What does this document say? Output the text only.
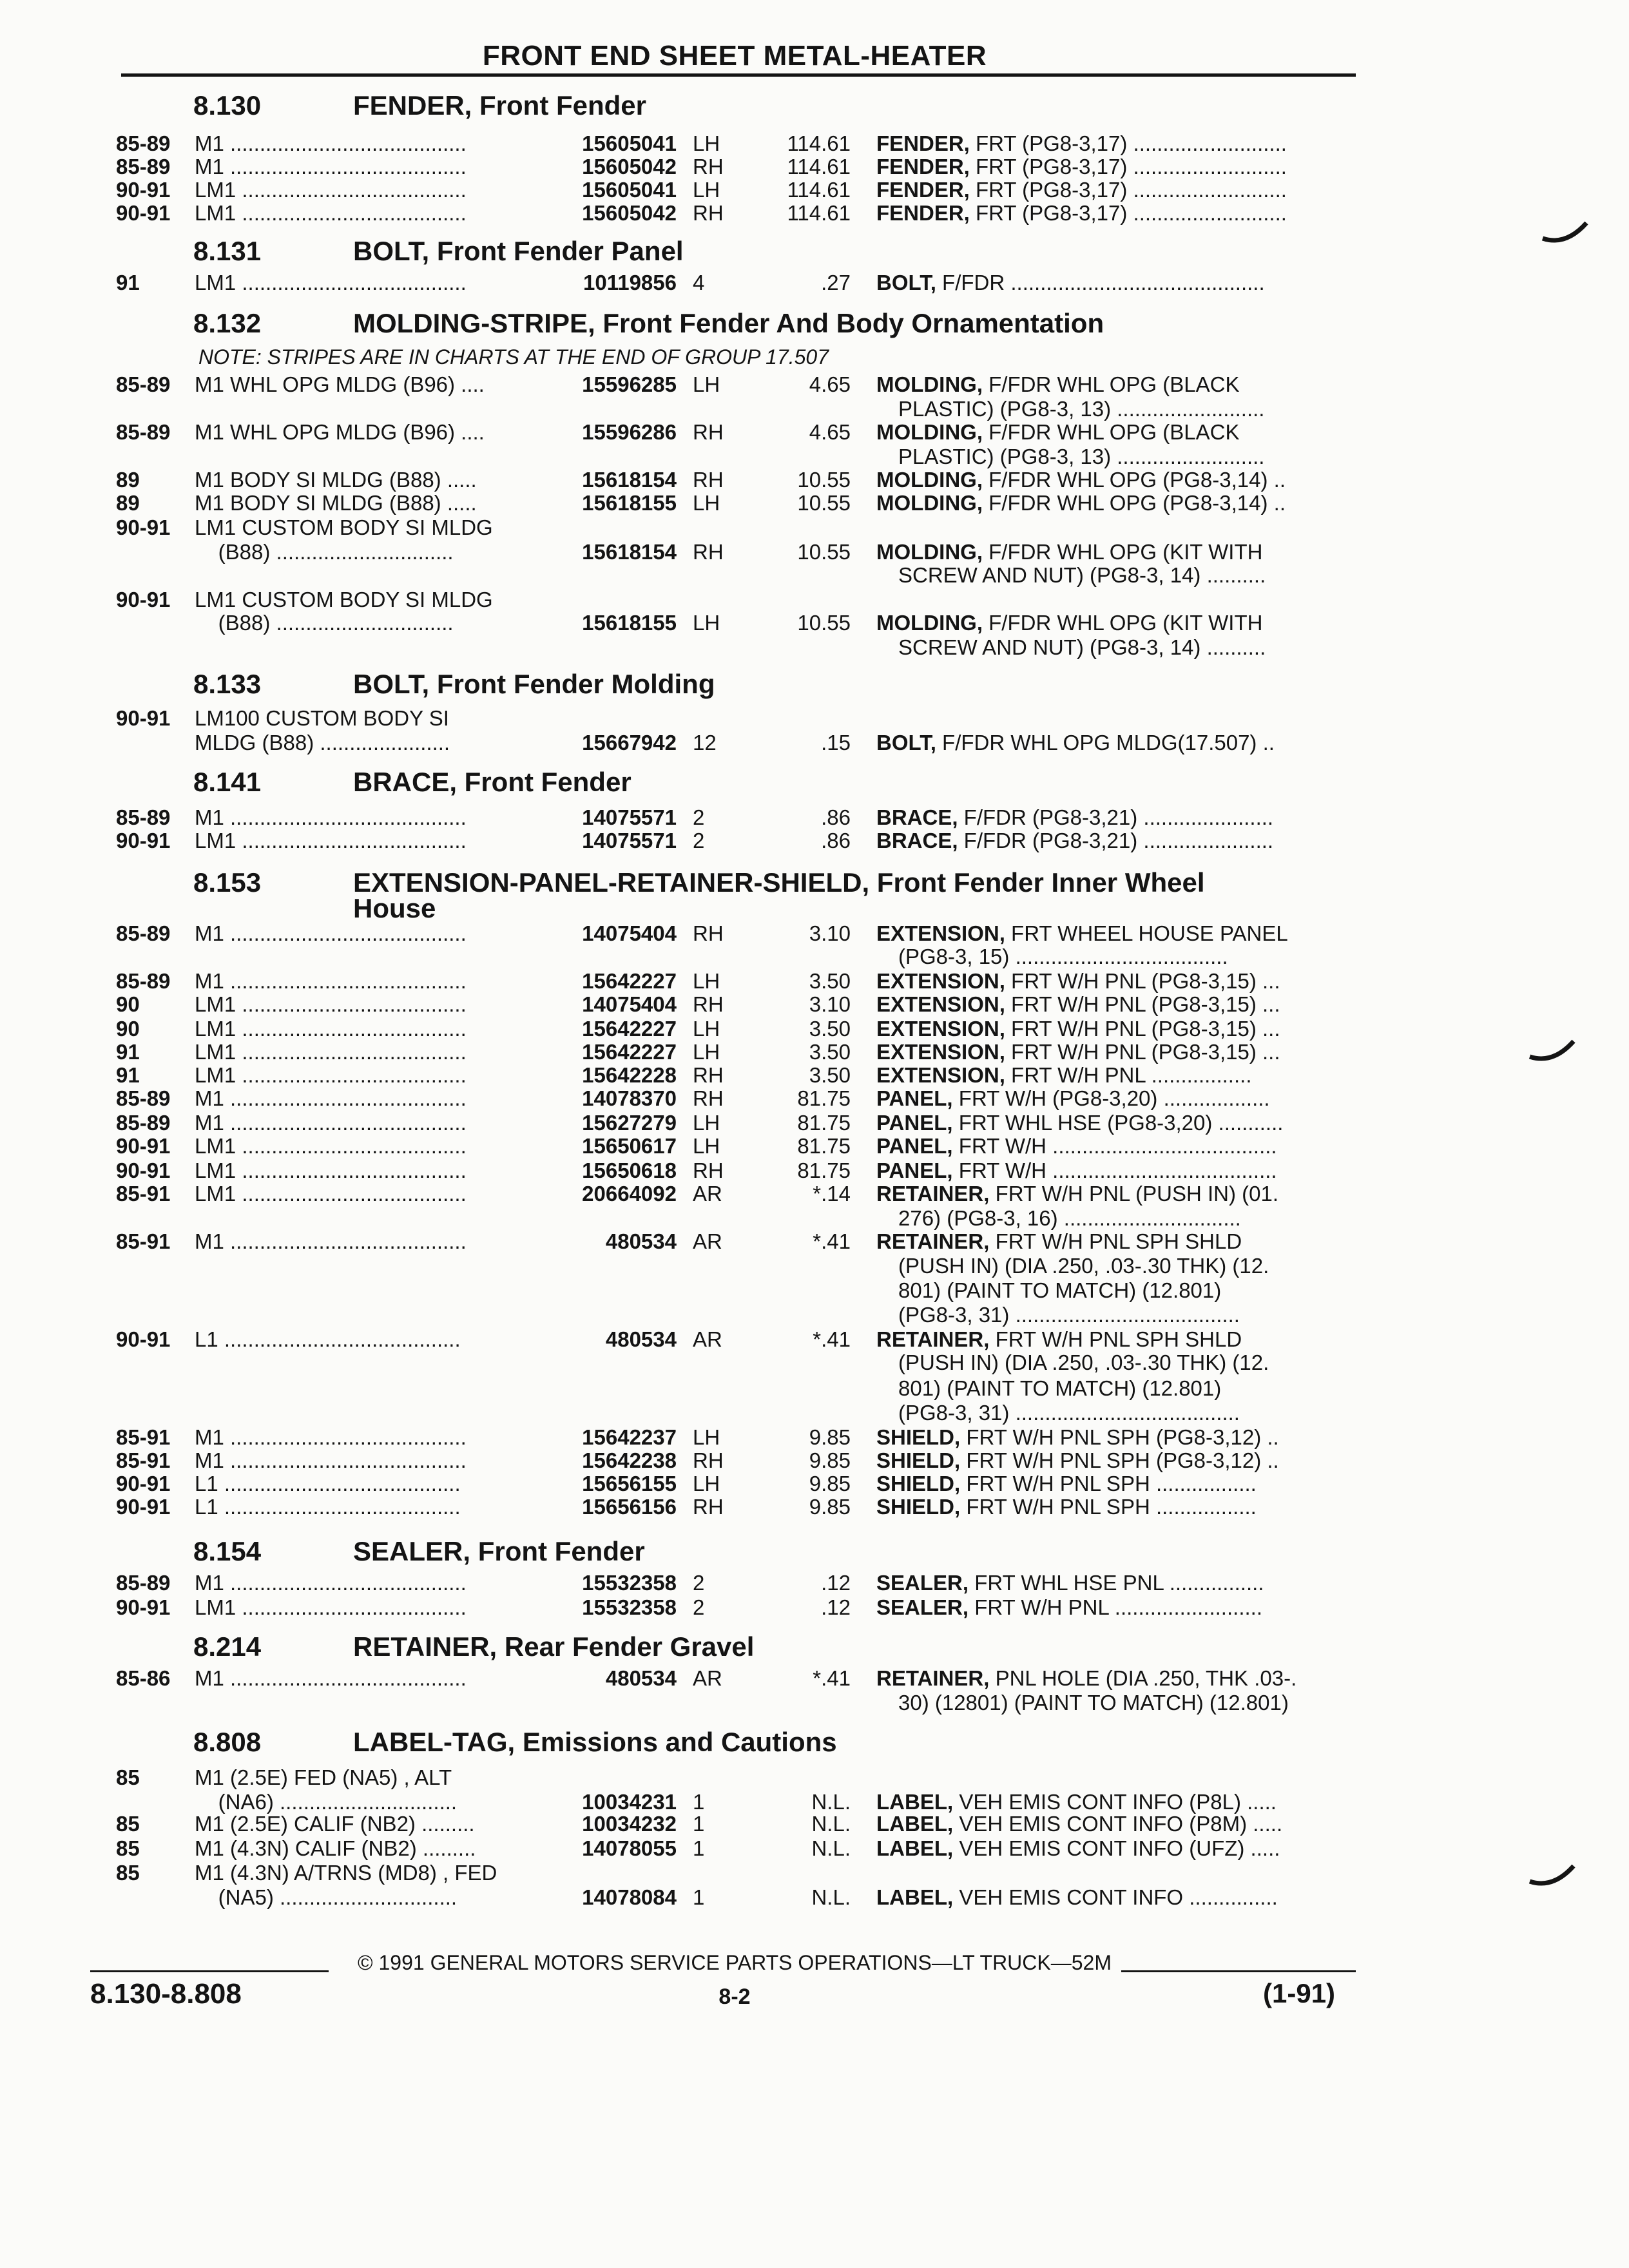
FRONT END SHEET METAL-HEATER
8.130	FENDER, Front Fender
8.131	BOLT, Front Fender Panel
8.132	MOLDING-STRIPE, Front Fender And Body Ornamentation
8.133	BOLT, Front Fender Molding
8.141	BRACE, Front Fender
8.153	EXTENSION-PANEL-RETAINER-SHIELD, Front Fender Inner Wheel
House
8.154	SEALER, Front Fender
8.214	RETAINER, Rear Fender Gravel
8.808	LABEL-TAG, Emissions and Cautions
NOTE: STRIPES ARE IN CHARTS AT THE END OF GROUP 17.507
85-89 M1 ........................................	15605041 LH	114.61 FENDER, FRT (PG8-3,17) ..........................
85-89 M1 ........................................	15605042 RH	114.61 FENDER, FRT (PG8-3,17) ..........................
90-91 LM1 ......................................	15605041 LH	114.61 FENDER, FRT (PG8-3,17) ..........................
90-91 LM1 ......................................	15605042 RH	114.61 FENDER, FRT (PG8-3,17) ..........................
91	LM1 ......................................	10119856 4	.27 BOLT, F/FDR ...........................................
85-89 M1 WHL OPG MLDG (B96) ....	15596285 LH	4.65 MOLDING, F/FDR WHL OPG (BLACK
PLASTIC) (PG8-3, 13) .........................
85-89 M1 WHL OPG MLDG (B96) ....	15596286 RH	4.65 MOLDING, F/FDR WHL OPG (BLACK
PLASTIC) (PG8-3, 13) .........................
89	M1 BODY SI MLDG (B88) .....	15618154 RH	10.55 MOLDING, F/FDR WHL OPG (PG8-3,14) ..
89	M1 BODY SI MLDG (B88) .....	15618155 LH	10.55 MOLDING, F/FDR WHL OPG (PG8-3,14) ..
90-91 LM1 CUSTOM BODY SI MLDG
(B88) ..............................	15618154 RH	10.55 MOLDING, F/FDR WHL OPG (KIT WITH
SCREW AND NUT) (PG8-3, 14) ..........
90-91 LM1 CUSTOM BODY SI MLDG
(B88) ..............................	15618155 LH	10.55 MOLDING, F/FDR WHL OPG (KIT WITH
SCREW AND NUT) (PG8-3, 14) ..........
90-91 LM100 CUSTOM BODY SI
MLDG (B88) ......................	15667942 12	.15 BOLT, F/FDR WHL OPG MLDG(17.507) ..
85-89 M1 ........................................	14075571 2	.86 BRACE, F/FDR (PG8-3,21) ......................
90-91 LM1 ......................................	14075571 2	.86 BRACE, F/FDR (PG8-3,21) ......................
85-89 M1 ........................................	14075404 RH	3.10 EXTENSION, FRT WHEEL HOUSE PANEL
(PG8-3, 15) ....................................
85-89 M1 ........................................	15642227 LH	3.50 EXTENSION, FRT W/H PNL (PG8-3,15) ...
90	LM1 ......................................	14075404 RH	3.10 EXTENSION, FRT W/H PNL (PG8-3,15) ...
90	LM1 ......................................	15642227 LH	3.50 EXTENSION, FRT W/H PNL (PG8-3,15) ...
91	LM1 ......................................	15642227 LH	3.50 EXTENSION, FRT W/H PNL (PG8-3,15) ...
91	LM1 ......................................	15642228 RH	3.50 EXTENSION, FRT W/H PNL .................
85-89 M1 ........................................	14078370 RH	81.75 PANEL, FRT W/H (PG8-3,20) ..................
85-89 M1 ........................................	15627279 LH	81.75 PANEL, FRT WHL HSE (PG8-3,20) ...........
90-91 LM1 ......................................	15650617 LH	81.75 PANEL, FRT W/H ......................................
90-91 LM1 ......................................	15650618 RH	81.75 PANEL, FRT W/H ......................................
85-91 LM1 ......................................	20664092 AR	*.14 RETAINER, FRT W/H PNL (PUSH IN) (01.
276) (PG8-3, 16) ..............................
85-91 M1 ........................................	480534 AR	*.41 RETAINER, FRT W/H PNL SPH SHLD
(PUSH IN) (DIA .250, .03-.30 THK) (12.
801) (PAINT TO MATCH) (12.801)
(PG8-3, 31) ......................................
90-91 L1 ........................................	480534 AR	*.41 RETAINER, FRT W/H PNL SPH SHLD
(PUSH IN) (DIA .250, .03-.30 THK) (12.
801) (PAINT TO MATCH) (12.801)
(PG8-3, 31) ......................................
85-91 M1 ........................................	15642237 LH	9.85 SHIELD, FRT W/H PNL SPH (PG8-3,12) ..
85-91 M1 ........................................	15642238 RH	9.85 SHIELD, FRT W/H PNL SPH (PG8-3,12) ..
90-91 L1 ........................................	15656155 LH	9.85 SHIELD, FRT W/H PNL SPH .................
90-91 L1 ........................................	15656156 RH	9.85 SHIELD, FRT W/H PNL SPH .................
85-89 M1 ........................................	15532358 2	.12 SEALER, FRT WHL HSE PNL ................
90-91 LM1 ......................................	15532358 2	.12 SEALER, FRT W/H PNL .........................
85-86 M1 ........................................	480534 AR	*.41 RETAINER, PNL HOLE (DIA .250, THK .03-.
30) (12801) (PAINT TO MATCH) (12.801)
85	M1 (2.5E) FED (NA5) , ALT
(NA6) ..............................	10034231 1	N.L. LABEL, VEH EMIS CONT INFO (P8L) .....
85	M1 (2.5E) CALIF (NB2) .........	10034232 1	N.L. LABEL, VEH EMIS CONT INFO (P8M) .....
85	M1 (4.3N) CALIF (NB2) .........	14078055 1	N.L. LABEL, VEH EMIS CONT INFO (UFZ) .....
85	M1 (4.3N) A/TRNS (MD8) , FED
(NA5) ..............................	14078084 1	N.L. LABEL, VEH EMIS CONT INFO ...............
© 1991 GENERAL MOTORS SERVICE PARTS OPERATIONS—LT TRUCK—52M
8.130-8.808	8-2	(1-91)
